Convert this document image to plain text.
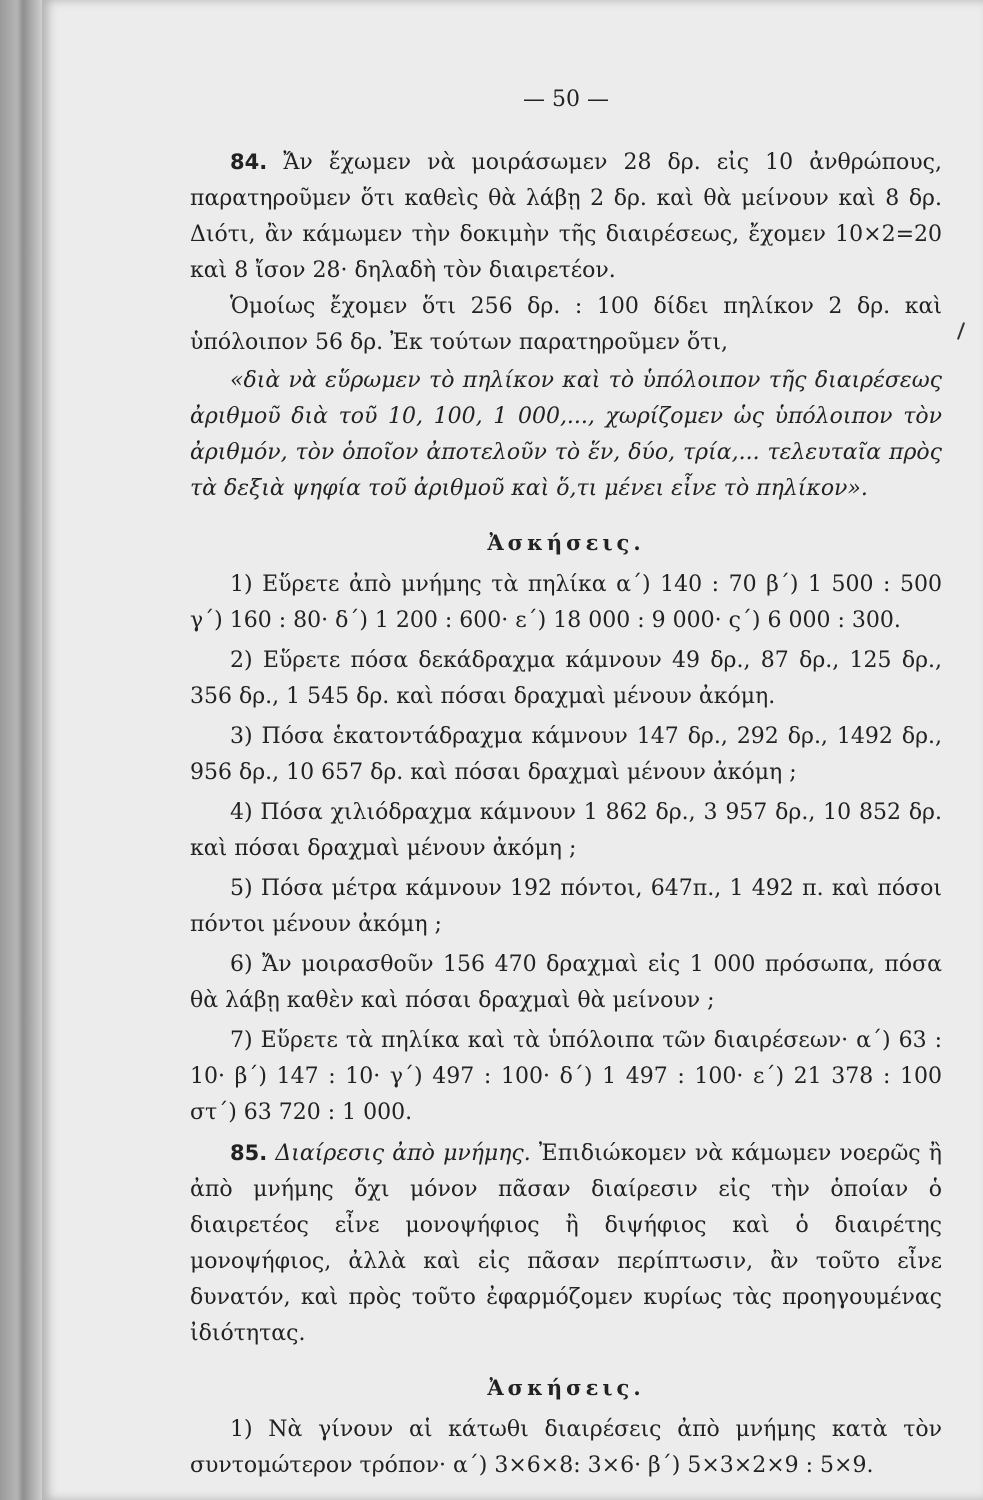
— 50 —

84. Ἄν ἔχωμεν νὰ μοιράσωμεν 28 δρ. εἰς 10 ἀνθρώπους, παρατηροῦμεν ὅτι καθεὶς θὰ λάβῃ 2 δρ. καὶ θὰ μείνουν καὶ 8 δρ. Διότι, ἂν κάμωμεν τὴν δοκιμὴν τῆς διαιρέσεως, ἔχομεν 10×2=20 καὶ 8 ἴσον 28· δηλαδὴ τὸν διαιρετέον.

Ὁμοίως ἔχομεν ὅτι 256 δρ. : 100 δίδει πηλίκον 2 δρ. καὶ ὑπόλοιπον 56 δρ. Ἐκ τούτων παρατηροῦμεν ὅτι,

«διὰ νὰ εὕρωμεν τὸ πηλίκον καὶ τὸ ὑπόλοιπον τῆς διαιρέσεως ἀριθμοῦ διὰ τοῦ 10, 100, 1 000,..., χωρίζομεν ὡς ὑπόλοιπον τὸν ἀριθμόν, τὸν ὁποῖον ἀποτελοῦν τὸ ἕν, δύο, τρία,... τελευταῖα πρὸς τὰ δεξιὰ ψηφία τοῦ ἀριθμοῦ καὶ ὅ,τι μένει εἶνε τὸ πηλίκον».

Ἀσκήσεις.

1) Εὕρετε ἀπὸ μνήμης τὰ πηλίκα α΄) 140 : 70 β΄) 1 500 : 500 γ΄) 160 : 80· δ΄) 1 200 : 600· ε΄) 18 000 : 9 000· ς΄) 6 000 : 300.

2) Εὕρετε πόσα δεκάδραχμα κάμνουν 49 δρ., 87 δρ., 125 δρ., 356 δρ., 1 545 δρ. καὶ πόσαι δραχμαὶ μένουν ἀκόμη.

3) Πόσα ἑκατοντάδραχμα κάμνουν 147 δρ., 292 δρ., 1492 δρ., 956 δρ., 10 657 δρ. καὶ πόσαι δραχμαὶ μένουν ἀκόμη ;

4) Πόσα χιλιόδραχμα κάμνουν 1 862 δρ., 3 957 δρ., 10 852 δρ. καὶ πόσαι δραχμαὶ μένουν ἀκόμη ;

5) Πόσα μέτρα κάμνουν 192 πόντοι, 647π., 1 492 π. καὶ πόσοι πόντοι μένουν ἀκόμη ;

6) Ἄν μοιρασθοῦν 156 470 δραχμαὶ εἰς 1 000 πρόσωπα, πόσα θὰ λάβῃ καθὲν καὶ πόσαι δραχμαὶ θὰ μείνουν ;

7) Εὕρετε τὰ πηλίκα καὶ τὰ ὑπόλοιπα τῶν διαιρέσεων· α΄) 63 : 10· β΄) 147 : 10· γ΄) 497 : 100· δ΄) 1 497 : 100· ε΄) 21 378 : 100 στ΄) 63 720 : 1 000.

85. Διαίρεσις ἀπὸ μνήμης. Ἐπιδιώκομεν νὰ κάμωμεν νοερῶς ἢ ἀπὸ μνήμης ὄχι μόνον πᾶσαν διαίρεσιν εἰς τὴν ὁποίαν ὁ διαιρετέος εἶνε μονοψήφιος ἢ διψήφιος καὶ ὁ διαιρέτης μονοψήφιος, ἀλλὰ καὶ εἰς πᾶσαν περίπτωσιν, ἂν τοῦτο εἶνε δυνατόν, καὶ πρὸς τοῦτο ἐφαρμόζομεν κυρίως τὰς προηγουμένας ἰδιότητας.

Ἀσκήσεις.

1) Νὰ γίνουν αἱ κάτωθι διαιρέσεις ἀπὸ μνήμης κατὰ τὸν συντομώτερον τρόπον· α΄) 3×6×8: 3×6· β΄) 5×3×2×9 : 5×9.
